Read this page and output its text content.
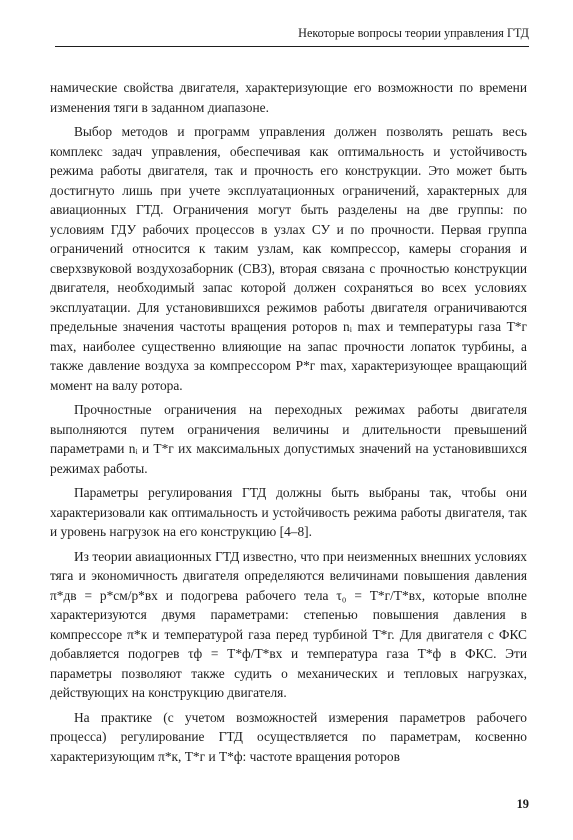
Некоторые вопросы теории управления ГТД

намические свойства двигателя, характеризующие его возможности по времени изменения тяги в заданном диапазоне.

Выбор методов и программ управления должен позволять решать весь комплекс задач управления, обеспечивая как оптимальность и устойчивость режима работы двигателя, так и прочность его конструкции. Это может быть достигнуто лишь при учете эксплуатационных ограничений, характерных для авиационных ГТД. Ограничения могут быть разделены на две группы: по условиям ГДУ рабочих процессов в узлах СУ и по прочности. Первая группа ограничений относится к таким узлам, как компрессор, камеры сгорания и сверхзвуковой воздухозаборник (СВЗ), вторая связана с прочностью конструкции двигателя, необходимый запас которой должен сохраняться во всех условиях эксплуатации. Для установившихся режимов работы двигателя ограничиваются предельные значения частоты вращения роторов nᵢ max и температуры газа T*г max, наиболее существенно влияющие на запас прочности лопаток турбины, а также давление воздуха за компрессором P*г max, характеризующее вращающий момент на валу ротора.

Прочностные ограничения на переходных режимах работы двигателя выполняются путем ограничения величины и длительности превышений параметрами nᵢ и T*г их максимальных допустимых значений на установившихся режимах работы.

Параметры регулирования ГТД должны быть выбраны так, чтобы они характеризовали как оптимальность и устойчивость режима работы двигателя, так и уровень нагрузок на его конструкцию [4–8].

Из теории авиационных ГТД известно, что при неизменных внешних условиях тяга и экономичность двигателя определяются величинами повышения давления π*дв = p*см/p*вх и подогрева рабочего тела τ₀ = T*г/T*вх, которые вполне характеризуются двумя параметрами: степенью повышения давления в компрессоре π*к и температурой газа перед турбиной T*г. Для двигателя с ФКС добавляется подогрев τф = T*ф/T*вх и температура газа T*ф в ФКС. Эти параметры позволяют также судить о механических и тепловых нагрузках, действующих на конструкцию двигателя.

На практике (с учетом возможностей измерения параметров рабочего процесса) регулирование ГТД осуществляется по параметрам, косвенно характеризующим π*к, T*г и T*ф: частоте вращения роторов

19
